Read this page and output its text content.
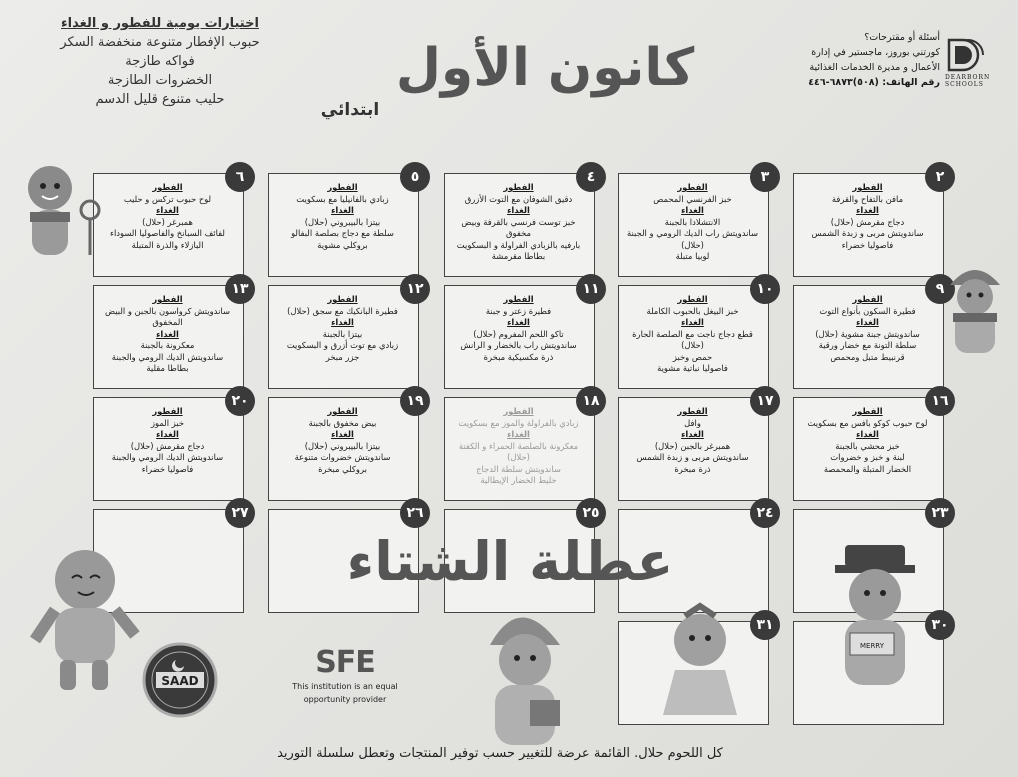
أسئلة أو مقترحات؟
كورتني بوروز، ماجستير في إدارة
الأعمال و مديرة الخدمات الغذائية
رقم الهاتف: (٥٠٨)٦٨٧٣-٤٤٦ DEARBORN
SCHOOLS
كانون الأول
ابتدائي
اختيارات يومية للفطور و الغداء
حبوب الإفطار متنوعة منخفضة السكر
فواكه طازجة
الخضروات الطازجة
حليب متنوع قليل الدسم
٢
الفطور
مافن بالتفاح والقرفة
الغداء
دجاج مقرمش (حلال)
ساندويتش مربى و زبدة الشمس
فاصوليا خضراء
٣
الفطور
خبز الفرنسي المحمص
الغداء
الانتشلادا بالجبنة
ساندويتش راب الديك الرومي و الجبنة (حلال)
لوبيا متبلة
٤
الفطور
دقيق الشوفان مع التوت الأزرق
الغداء
خبز توست فرنسي بالقرفة وبيض مخفوق
بارفيه بالزبادي الفراولة و البسكويت
بطاطا مقرمشة
٥
الفطور
زبادي بالفانيليا مع بسكويت
الغداء
بيتزا بالبيبروني (حلال)
سلطة مع دجاج بصلصة البفالو
بروكلي مشوية
٦
الفطور
لوح حبوب تركس و حليب
الغداء
همبرغر (حلال)
لفائف السبانخ والفاصوليا السوداء
البازلاء والذرة المتبلة
٩
الفطور
فطيرة السكون بأنواع التوت
الغداء
ساندويتش جبنة مشوية (حلال)
سلطة التونة مع خضار ورقية
قرنبيط متبل ومحمص
١٠
الفطور
خبز البيغل بالحبوب الكاملة
الغداء
قطع دجاج ناجت مع الصلصة الحارة (حلال)
حمص وخبز
فاصوليا نباتية مشوية
١١
الفطور
فطيرة زعتر و جبنة
الغداء
تاكو اللحم المفروم (حلال)
ساندويتش راب بالخضار و الرانش
ذرة مكسيكية مبخرة
١٢
الفطور
فطيرة البانكيك مع سجق (حلال)
الغداء
بيتزا بالجبنة
زبادي مع توت أزرق و البسكويت
جزر مبخر
١٣
الفطور
ساندويتش كرواسون بالجبن و البيض المخفوق
الغداء
معكرونة بالجبنة
ساندويتش الديك الرومي والجبنة
بطاطا مقلية
١٦
الفطور
لوح حبوب كوكو بافس مع بسكويت
الغداء
خبز محشي بالجبنة
لبنة و خبز و خضروات
الخضار المتبلة والمحمصة
١٧
الفطور
وافل
الغداء
همبرغر بالجبن (حلال)
ساندويتش مربى و زبدة الشمس
ذرة مبخرة
١٨
الفطور
زبادي بالفراولة والموز مع بسكويت
الغداء
معكرونة بالصلصة الحمراء و الكفتة (حلال)
ساندويتش سلطة الدجاج
خليط الخضار الإيطالية
١٩
الفطور
بيض مخفوق بالجبنة
الغداء
بيتزا بالبيبروني (حلال)
ساندويتش خضروات متنوعة
بروكلي مبخرة
٢٠
الفطور
خبز الموز
الغداء
دجاج مقرمش (حلال)
ساندويتش الديك الرومي والجبنة
فاصوليا خضراء
٢٣
٢٤
٢٥
٢٦
٢٧
٣٠
٣١
عطلة الشتاء
MERRY
SAAD
SFE
This institution is an equal
opportunity provider
كل اللحوم حلال. القائمة عرضة للتغيير حسب توفير المنتجات وتعطل سلسلة التوريد
